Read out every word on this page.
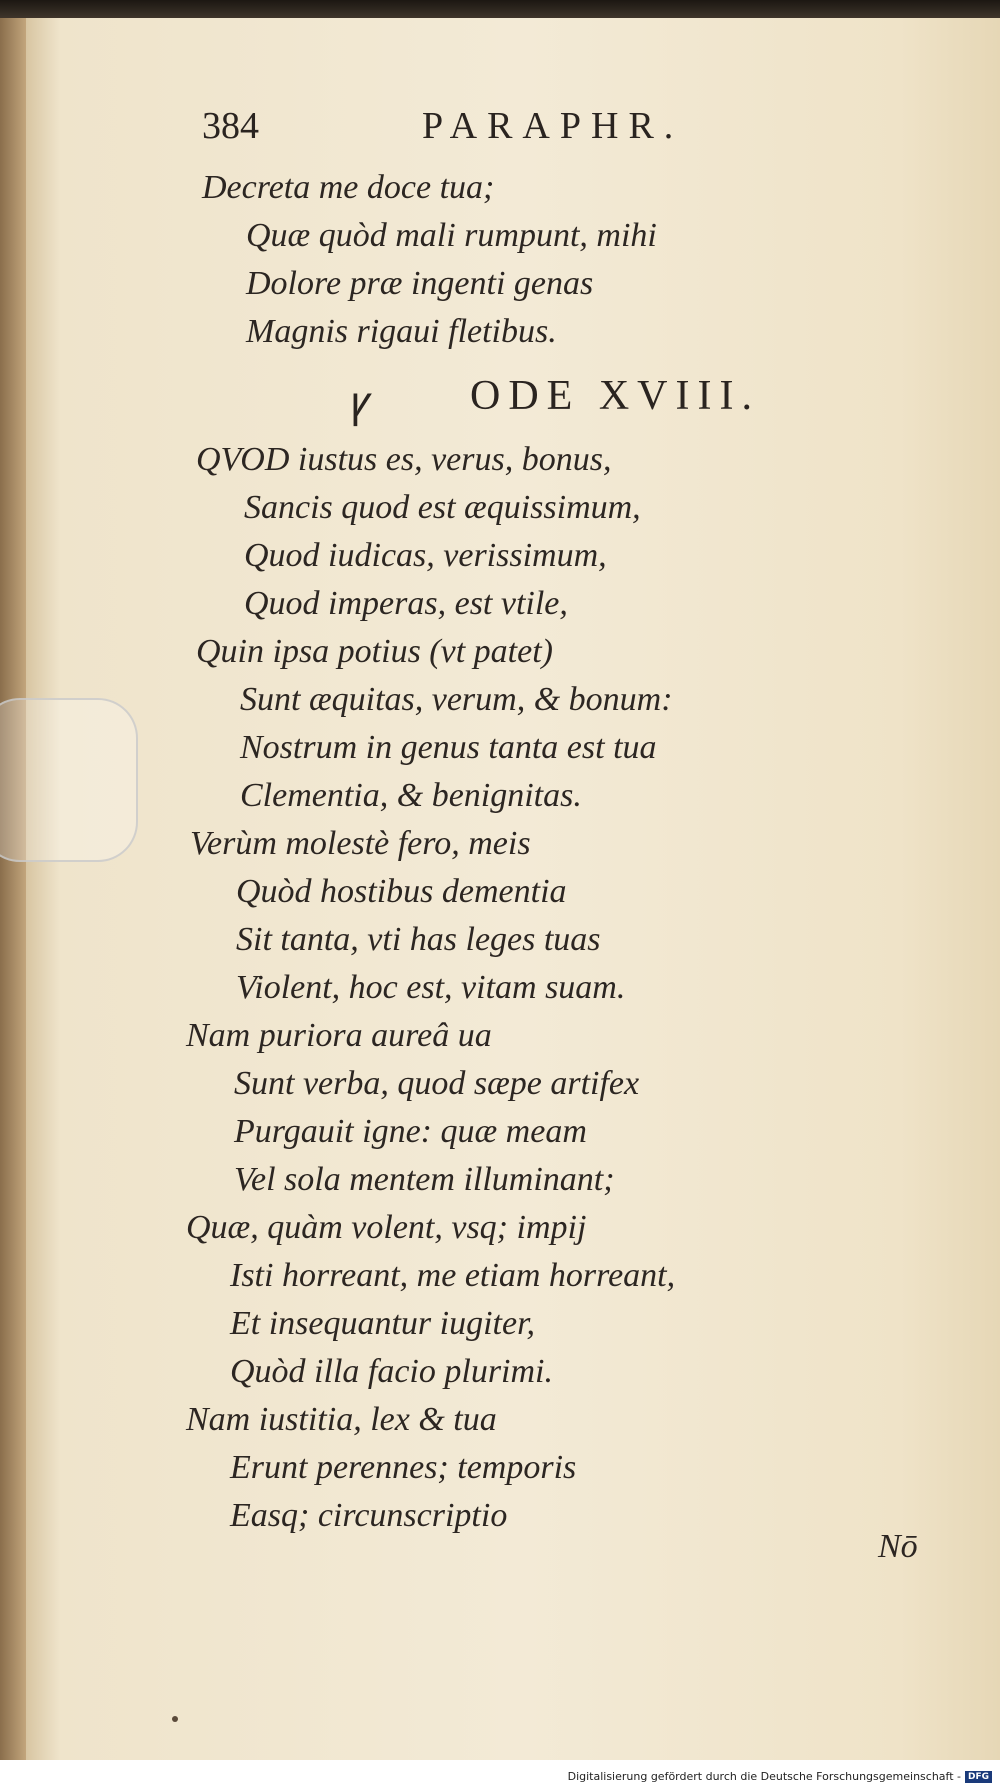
384	PARAPHR.
Decreta me doce tua;
Quæ quòd mali rumpunt, mihi
Dolore præ ingenti genas
Magnis rigaui fletibus.
QVOD iustus es, verus, bonus,
Sancis quod est æquissimum,
Quod iudicas, verissimum,
Quod imperas, est vtile,
Quin ipsa potius (vt patet)
Sunt æquitas, verum, & bonum:
Nostrum in genus tanta est tua
Clementia, & benignitas.
Verùm molestè fero, meis
Quòd hostibus dementia
Sit tanta, vti has leges tuas
Violent, hoc est, vitam suam.
Nam puriora aureâ ua
Sunt verba, quod sæpe artifex
Purgauit igne: quæ meam
Vel sola mentem illuminant;
Quæ, quàm volent, vsq; impij
Isti horreant, me etiam horreant,
Et insequantur iugiter,
Quòd illa facio plurimi.
Nam iustitia, lex & tua
Erunt perennes; temporis
Easq; circunscriptio
ꝩ ODE XVIII.
Nō
Digitalisierung gefördert durch die Deutsche Forschungsgemeinschaft - DFG
